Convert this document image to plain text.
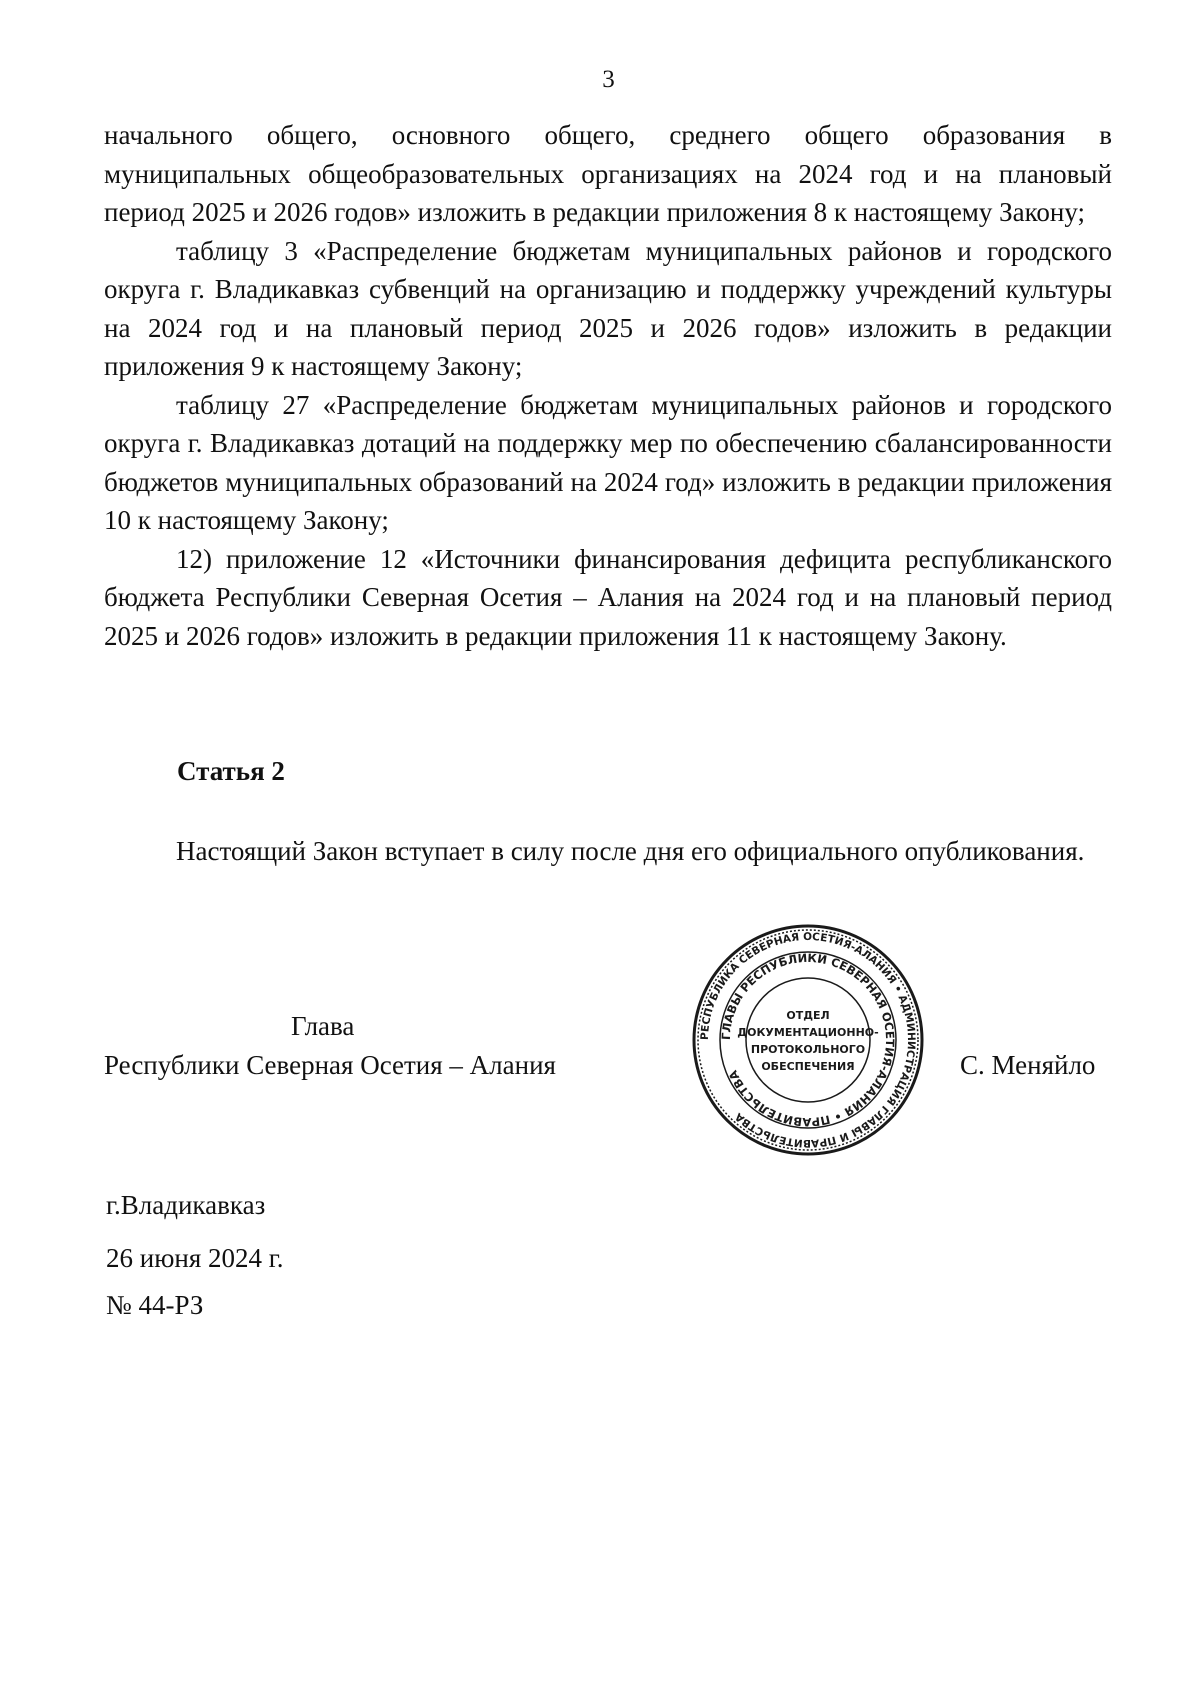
3

начального общего, основного общего, среднего общего образования в муниципальных общеобразовательных организациях на 2024 год и на плановый период 2025 и 2026 годов» изложить в редакции приложения 8 к настоящему Закону;

таблицу 3 «Распределение бюджетам муниципальных районов и городского округа г. Владикавказ субвенций на организацию и поддержку учреждений культуры на 2024 год и на плановый период 2025 и 2026 годов» изложить в редакции приложения 9 к настоящему Закону;

таблицу 27 «Распределение бюджетам муниципальных районов и городского округа г. Владикавказ дотаций на поддержку мер по обеспечению сбалансированности бюджетов муниципальных образований на 2024 год» изложить в редакции приложения 10 к настоящему Закону;

12) приложение 12 «Источники финансирования дефицита республиканского бюджета Республики Северная Осетия – Алания на 2024 год и на плановый период 2025 и 2026 годов» изложить в редакции приложения 11 к настоящему Закону.

Статья 2

Настоящий Закон вступает в силу после дня его официального опубликования.

Глава
Республики Северная Осетия – Алания
РЕСПУБЛИКА СЕВЕРНАЯ ОСЕТИЯ-АЛАНИЯ • АДМИНИСТРАЦИЯ ГЛАВЫ И ПРАВИТЕЛЬСТВА
ГЛАВЫ РЕСПУБЛИКИ СЕВЕРНАЯ ОСЕТИЯ-АЛАНИЯ • ПРАВИТЕЛЬСТВА
ОТДЕЛ
ДОКУМЕНТАЦИОННО-
ПРОТОКОЛЬНОГО
ОБЕСПЕЧЕНИЯ	С. Меняйло
г.Владикавказ
26 июня 2024 г.
№ 44-РЗ
